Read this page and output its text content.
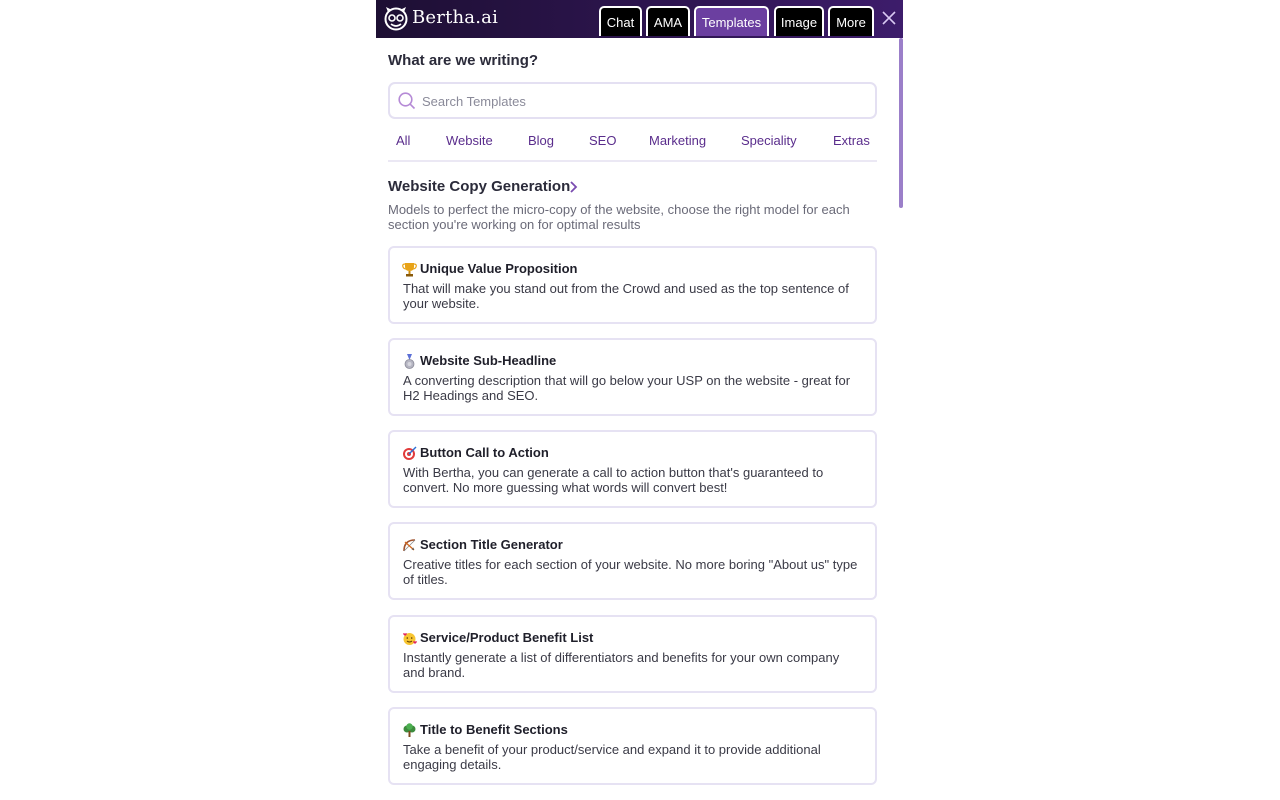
Bertha.ai	Chat	AMA	Templates	Image	More
What are we writing?
Search Templates
All	Website	Blog	SEO	Marketing	Speciality	Extras
Website Copy Generation
Models to perfect the micro-copy of the website, choose the right model for each section you're working on for optimal results
Unique Value Proposition
That will make you stand out from the Crowd and used as the top sentence of your website.
Website Sub-Headline
A converting description that will go below your USP on the website - great for H2 Headings and SEO.
Button Call to Action
With Bertha, you can generate a call to action button that's guaranteed to convert. No more guessing what words will convert best!
Section Title Generator
Creative titles for each section of your website. No more boring "About us" type of titles.
Service/Product Benefit List
Instantly generate a list of differentiators and benefits for your own company and brand.
Title to Benefit Sections
Take a benefit of your product/service and expand it to provide additional engaging details.
